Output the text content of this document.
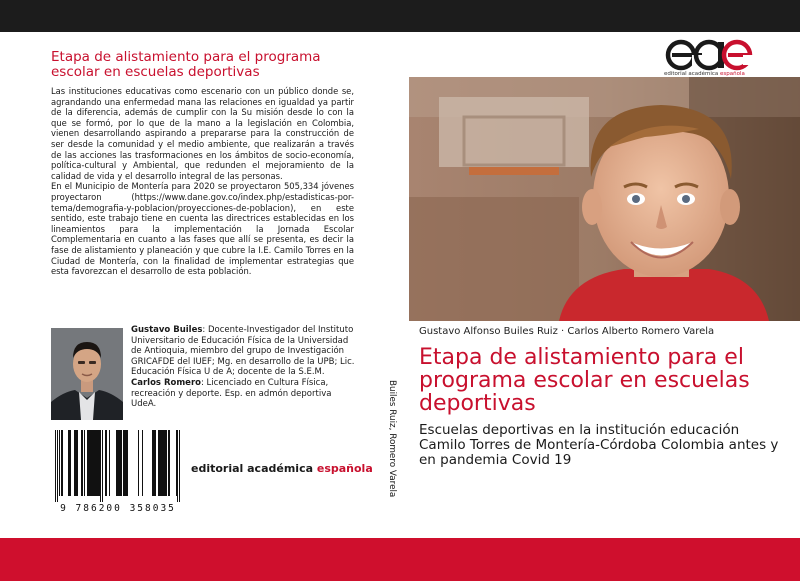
Etapa de alistamiento para el programa escolar en escuelas deportivas

Las instituciones educativas como escenario con un público donde se, agrandando una enfermedad mana las relaciones en igualdad ya partir de la diferencia, además de cumplir con la Su misión desde lo con la que se formó, por lo que de la mano a la legislación en Colombia, vienen desarrollando aspirando a prepararse para la construcción de ser desde la comunidad y el medio ambiente, que realizarán a través de las acciones las trasformaciones en los ámbitos de socio-economía, política-cultural y Ambiental, que redunden el mejoramiento de la calidad de vida y el desarrollo integral de las personas.

En el Municipio de Montería para 2020 se proyectaron 505,334 jóvenes proyectaron (https://www.dane.gov.co/index.php/estadisticas-por-tema/demografia-y-poblacion/proyecciones-de-poblacion), en este sentido, este trabajo tiene en cuenta las directrices establecidas en los lineamientos para la implementación la Jornada Escolar Complementaria en cuanto a las fases que allí se presenta, es decir la fase de alistamiento y planeación y que cubre la I.E. Camilo Torres en la Ciudad de Montería, con la finalidad de implementar estrategias que esta favorezcan el desarrollo de esta población.

Gustavo Builes: Docente-Investigador del Instituto Universitario de Educación Física de la Universidad de Antioquia, miembro del grupo de Investigación GRICAFDE del IUEF; Mg. en desarrollo de la UPB; Lic. Educación Física U de A; docente de la S.E.M.
Carlos Romero: Licenciado en Cultura Física, recreación y deporte. Esp. en admón deportiva UdeA.
9 786200 358035
editorial académica española Builes Ruiz, Romero Varela
editorial académica española
Gustavo Alfonso Builes Ruiz · Carlos Alberto Romero Varela
Etapa de alistamiento para el programa escolar en escuelas deportivas
Escuelas deportivas en la institución educación Camilo Torres de Montería-Córdoba Colombia antes y en pandemia Covid 19
